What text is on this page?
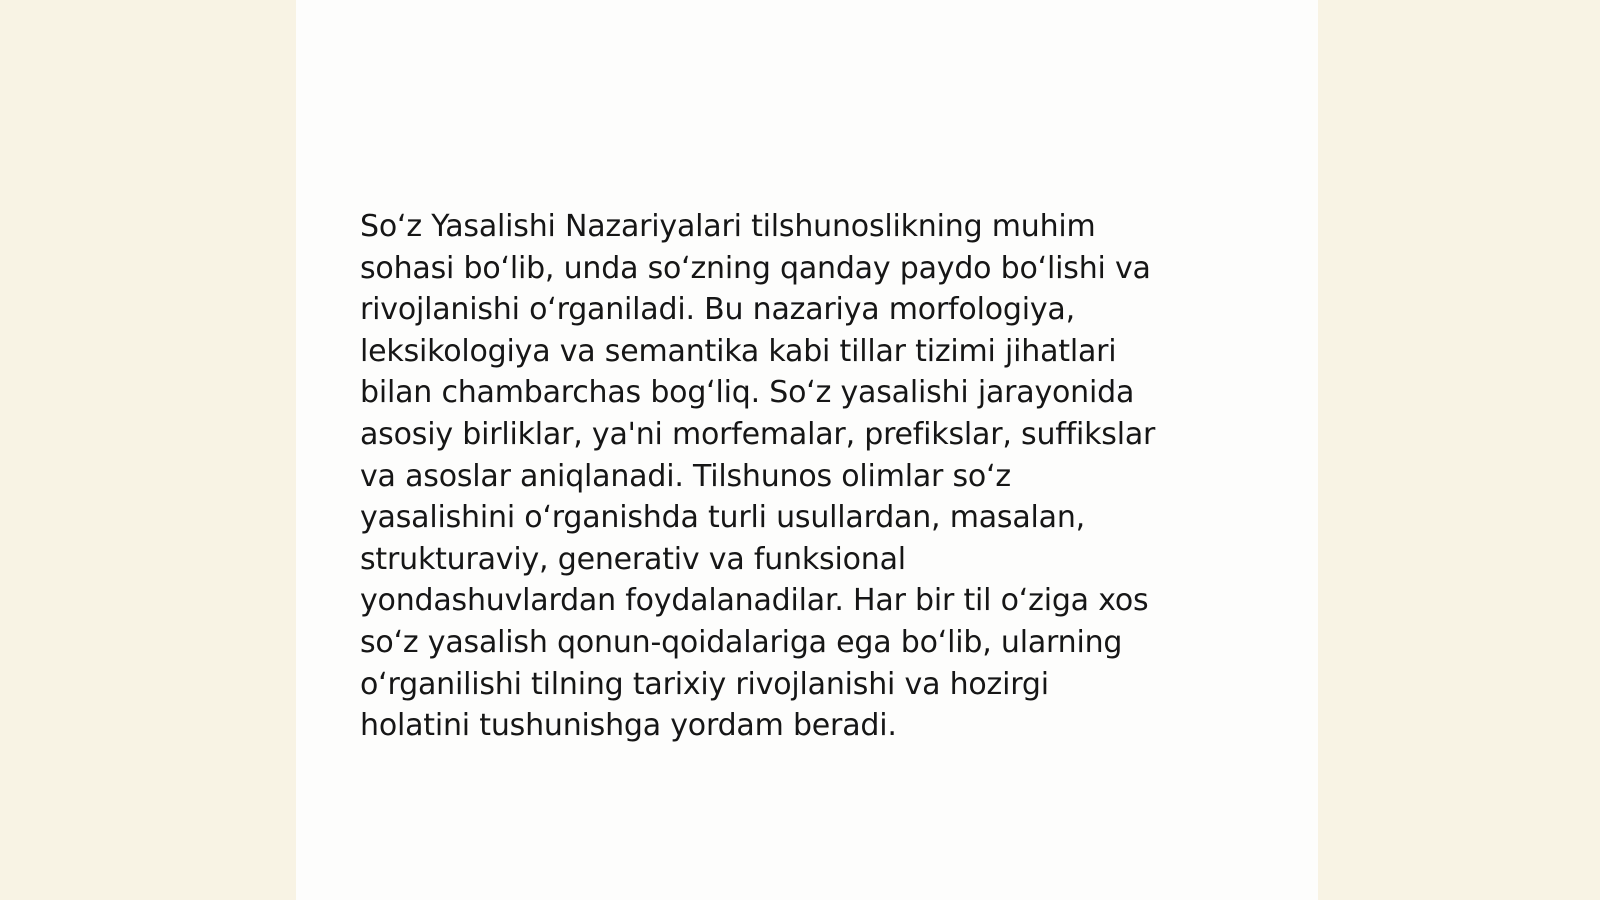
So‘z Yasalishi Nazariyalari tilshunoslikning muhim
sohasi bo‘lib, unda so‘zning qanday paydo bo‘lishi va
rivojlanishi o‘rganiladi. Bu nazariya morfologiya,
leksikologiya va semantika kabi tillar tizimi jihatlari
bilan chambarchas bog‘liq. So‘z yasalishi jarayonida
asosiy birliklar, ya'ni morfemalar, prefikslar, suffikslar
va asoslar aniqlanadi. Tilshunos olimlar so‘z
yasalishini o‘rganishda turli usullardan, masalan,
strukturaviy, generativ va funksional
yondashuvlardan foydalanadilar. Har bir til o‘ziga xos
so‘z yasalish qonun-qoidalariga ega bo‘lib, ularning
o‘rganilishi tilning tarixiy rivojlanishi va hozirgi
holatini tushunishga yordam beradi.
